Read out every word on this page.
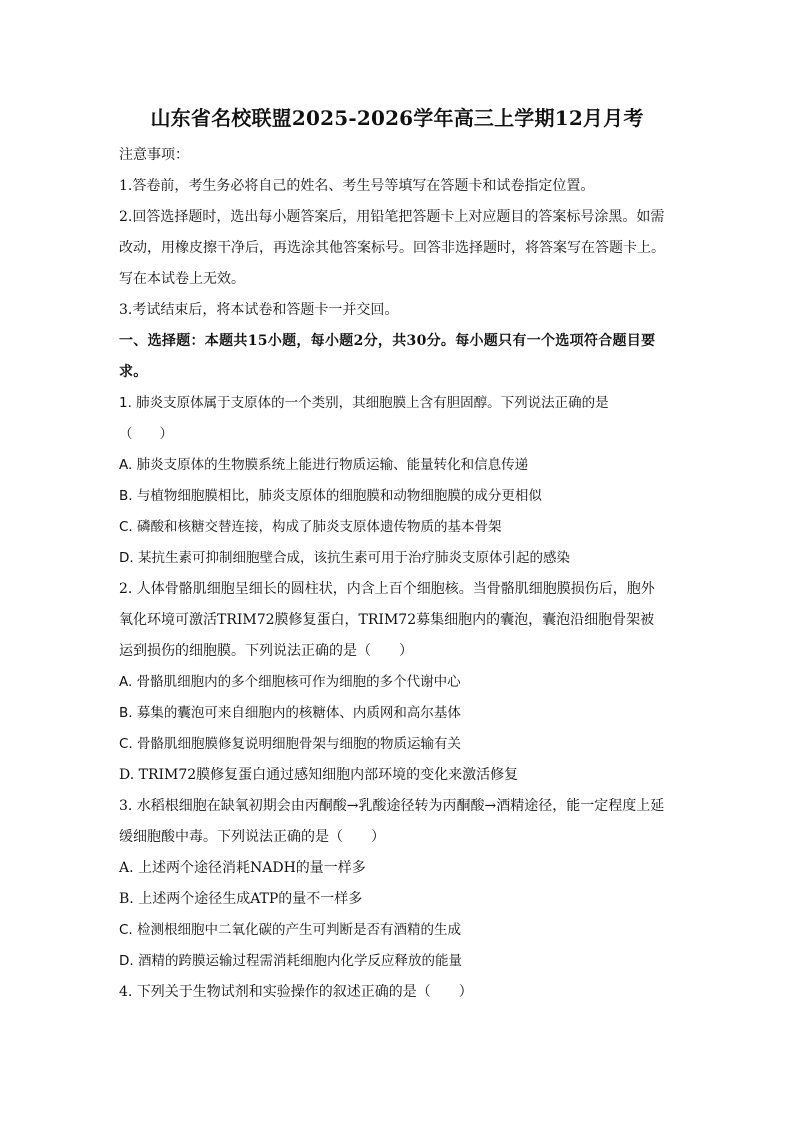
山东省名校联盟2025-2026学年高三上学期12月月考

注意事项：

1.答卷前，考生务必将自己的姓名、考生号等填写在答题卡和试卷指定位置。

2.回答选择题时，选出每小题答案后，用铅笔把答题卡上对应题目的答案标号涂黑。如需改动，用橡皮擦干净后，再选涂其他答案标号。回答非选择题时，将答案写在答题卡上。写在本试卷上无效。

3.考试结束后，将本试卷和答题卡一并交回。

一、选择题：本题共15小题，每小题2分，共30分。每小题只有一个选项符合题目要求。

1. 肺炎支原体属于支原体的一个类别，其细胞膜上含有胆固醇。下列说法正确的是

（　　）

A. 肺炎支原体的生物膜系统上能进行物质运输、能量转化和信息传递

B. 与植物细胞膜相比，肺炎支原体的细胞膜和动物细胞膜的成分更相似

C. 磷酸和核糖交替连接，构成了肺炎支原体遗传物质的基本骨架

D. 某抗生素可抑制细胞壁合成，该抗生素可用于治疗肺炎支原体引起的感染

2. 人体骨骼肌细胞呈细长的圆柱状，内含上百个细胞核。当骨骼肌细胞膜损伤后，胞外氧化环境可激活TRIM72膜修复蛋白，TRIM72募集细胞内的囊泡，囊泡沿细胞骨架被运到损伤的细胞膜。下列说法正确的是（　　）

A. 骨骼肌细胞内的多个细胞核可作为细胞的多个代谢中心

B. 募集的囊泡可来自细胞内的核糖体、内质网和高尔基体

C. 骨骼肌细胞膜修复说明细胞骨架与细胞的物质运输有关

D. TRIM72膜修复蛋白通过感知细胞内部环境的变化来激活修复

3. 水稻根细胞在缺氧初期会由丙酮酸→乳酸途径转为丙酮酸→酒精途径，能一定程度上延缓细胞酸中毒。下列说法正确的是（　　）

A. 上述两个途径消耗NADH的量一样多

B. 上述两个途径生成ATP的量不一样多

C. 检测根细胞中二氧化碳的产生可判断是否有酒精的生成

D. 酒精的跨膜运输过程需消耗细胞内化学反应释放的能量

4. 下列关于生物试剂和实验操作的叙述正确的是（　　）
